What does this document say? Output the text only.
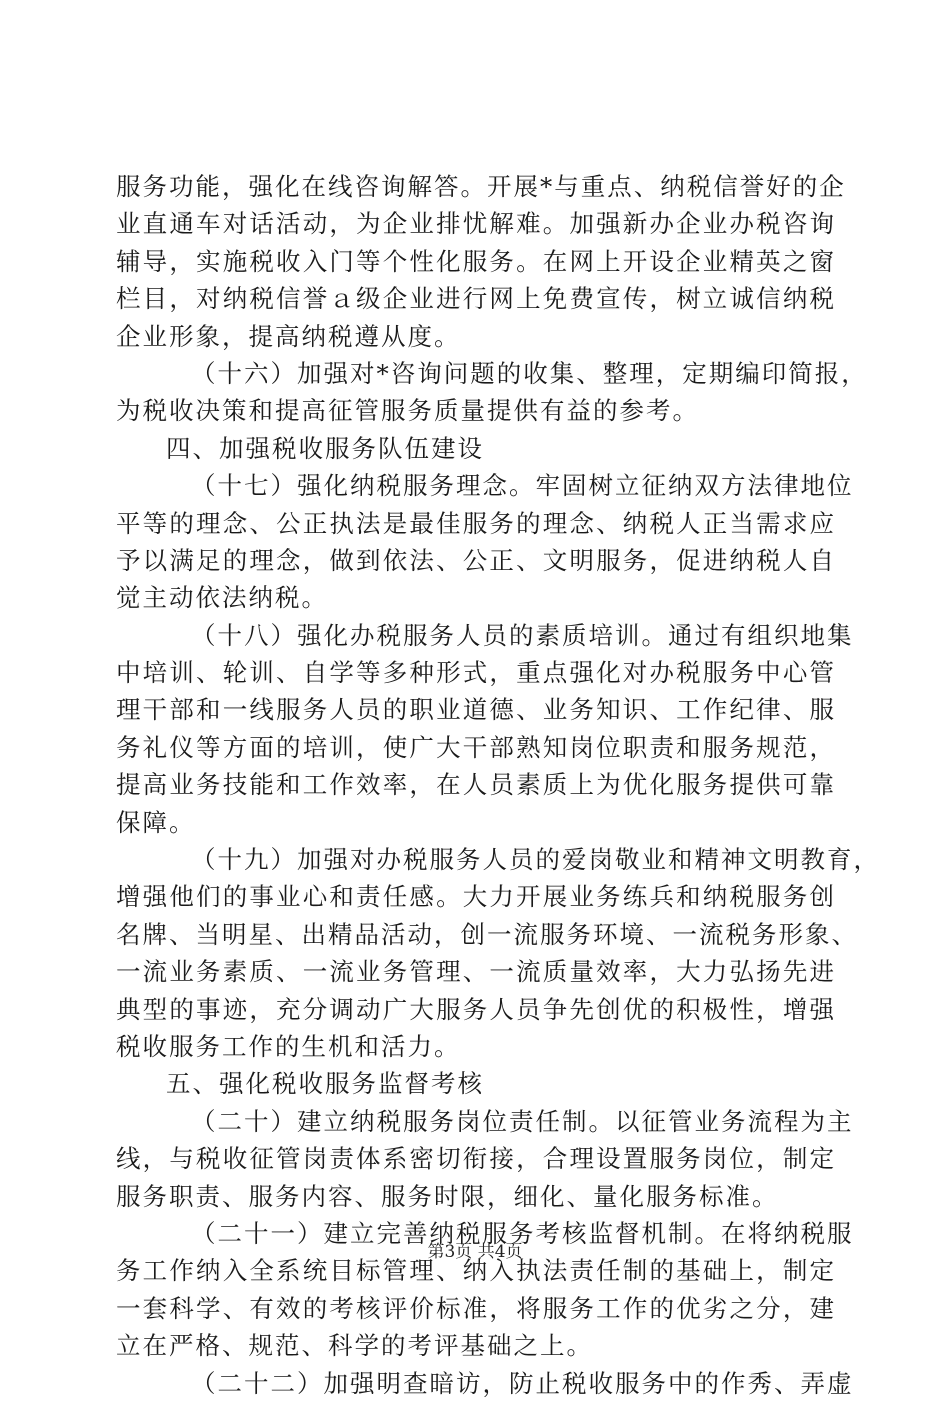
服务功能，强化在线咨询解答。开展*与重点、纳税信誉好的企
业直通车对话活动，为企业排忧解难。加强新办企业办税咨询
辅导，实施税收入门等个性化服务。在网上开设企业精英之窗
栏目，对纳税信誉ａ级企业进行网上免费宣传，树立诚信纳税
企业形象，提高纳税遵从度。
（十六）加强对*咨询问题的收集、整理，定期编印简报，
为税收决策和提高征管服务质量提供有益的参考。
四、加强税收服务队伍建设
（十七）强化纳税服务理念。牢固树立征纳双方法律地位
平等的理念、公正执法是最佳服务的理念、纳税人正当需求应
予以满足的理念，做到依法、公正、文明服务，促进纳税人自
觉主动依法纳税。
（十八）强化办税服务人员的素质培训。通过有组织地集
中培训、轮训、自学等多种形式，重点强化对办税服务中心管
理干部和一线服务人员的职业道德、业务知识、工作纪律、服
务礼仪等方面的培训，使广大干部熟知岗位职责和服务规范，
提高业务技能和工作效率，在人员素质上为优化服务提供可靠
保障。
（十九）加强对办税服务人员的爱岗敬业和精神文明教育，
增强他们的事业心和责任感。大力开展业务练兵和纳税服务创
名牌、当明星、出精品活动，创一流服务环境、一流税务形象、
一流业务素质、一流业务管理、一流质量效率，大力弘扬先进
典型的事迹，充分调动广大服务人员争先创优的积极性，增强
税收服务工作的生机和活力。
五、强化税收服务监督考核
（二十）建立纳税服务岗位责任制。以征管业务流程为主
线，与税收征管岗责体系密切衔接，合理设置服务岗位，制定
服务职责、服务内容、服务时限，细化、量化服务标准。
（二十一）建立完善纳税服务考核监督机制。在将纳税服
务工作纳入全系统目标管理、纳入执法责任制的基础上，制定
一套科学、有效的考核评价标准，将服务工作的优劣之分，建
立在严格、规范、科学的考评基础之上。
（二十二）加强明查暗访，防止税收服务中的作秀、弄虚
第3页 共4页
